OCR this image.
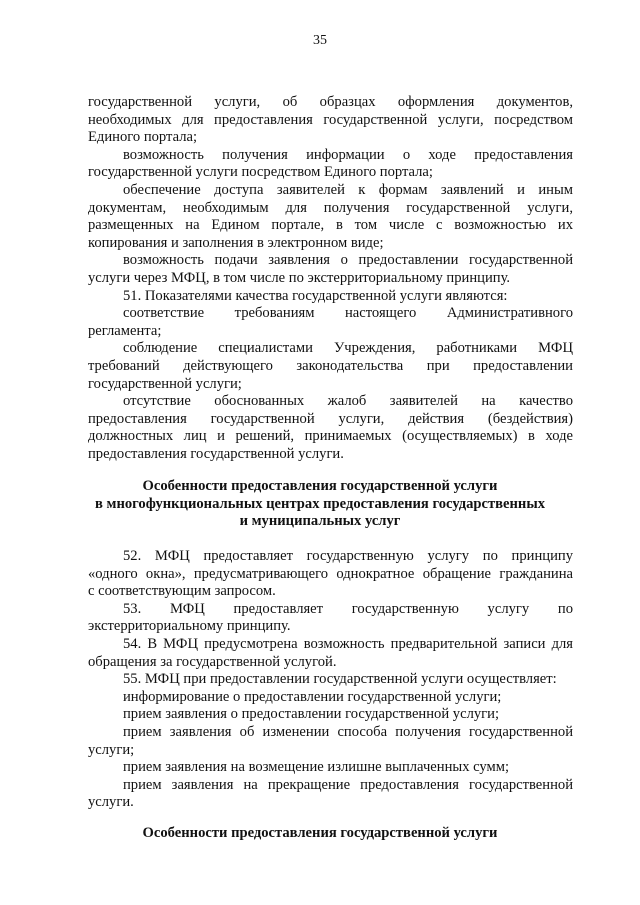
35
государственной услуги, об образцах оформления документов,
необходимых для предоставления государственной услуги, посредством
Единого портала;
возможность получения информации о ходе предоставления
государственной услуги посредством Единого портала;
обеспечение доступа заявителей к формам заявлений и иным
документам, необходимым для получения государственной услуги,
размещенных на Едином портале, в том числе с возможностью их
копирования и заполнения в электронном виде;
возможность подачи заявления о предоставлении государственной
услуги через МФЦ, в том числе по экстерриториальному принципу.
51. Показателями качества государственной услуги являются:
соответствие требованиям настоящего Административного
регламента;
соблюдение специалистами Учреждения, работниками МФЦ
требований действующего законодательства при предоставлении
государственной услуги;
отсутствие обоснованных жалоб заявителей на качество
предоставления государственной услуги, действия (бездействия)
должностных лиц и решений, принимаемых (осуществляемых) в ходе
предоставления государственной услуги.
Особенности предоставления государственной услуги
в многофункциональных центрах предоставления государственных
и муниципальных услуг
52. МФЦ предоставляет государственную услугу по принципу
«одного окна», предусматривающего однократное обращение гражданина
с соответствующим запросом.
53. МФЦ предоставляет государственную услугу по
экстерриториальному принципу.
54. В МФЦ предусмотрена возможность предварительной записи для
обращения за государственной услугой.
55. МФЦ при предоставлении государственной услуги осуществляет:
информирование о предоставлении государственной услуги;
прием заявления о предоставлении государственной услуги;
прием заявления об изменении способа получения государственной
услуги;
прием заявления на возмещение излишне выплаченных сумм;
прием заявления на прекращение предоставления государственной
услуги.
Особенности предоставления государственной услуги
